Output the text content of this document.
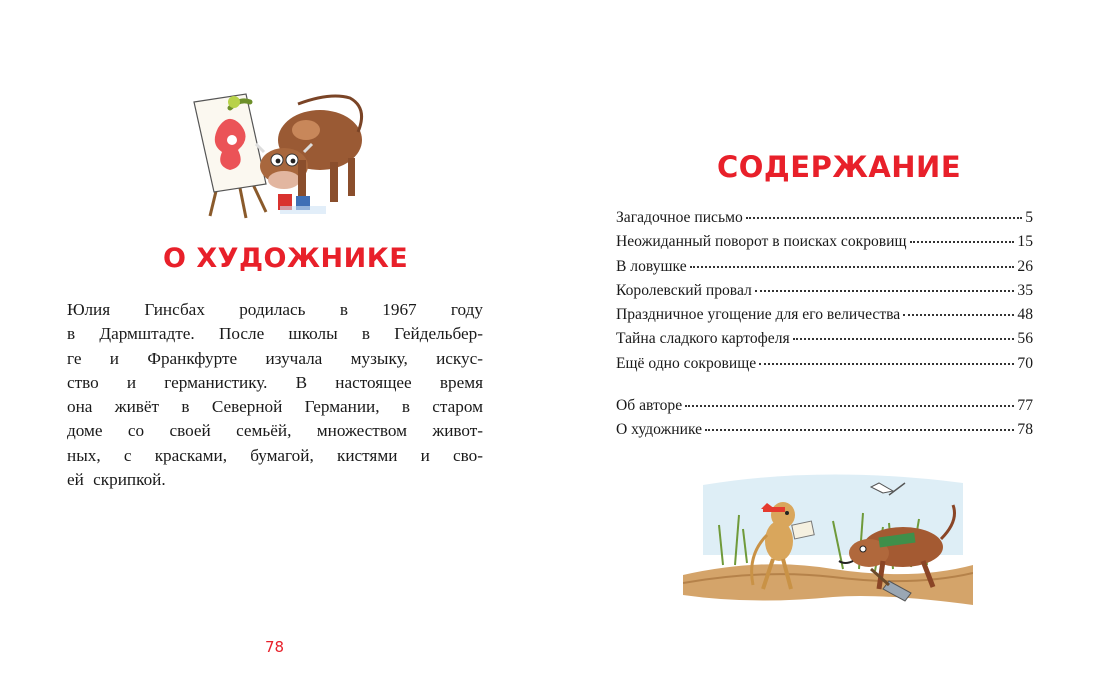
О ХУДОЖНИКЕ

Юлия Гинсбах родилась в 1967 году
в Дармштадте. После школы в Гейдельбер-
ге и Франкфурте изучала музыку, искус-
ство и германистику. В настоящее время
она живёт в Северной Германии, в старом
доме со своей семьёй, множеством живот-
ных, с красками, бумагой, кистями и сво-
ей скрипкой.

78
СОДЕРЖАНИЕ
Загадочное письмо	5
Неожиданный поворот в поисках сокровищ	15
В ловушке	26
Королевский провал	35
Праздничное угощение для его величества	48
Тайна сладкого картофеля	56
Ещё одно сокровище	70
Об авторе	77
О художнике	78
